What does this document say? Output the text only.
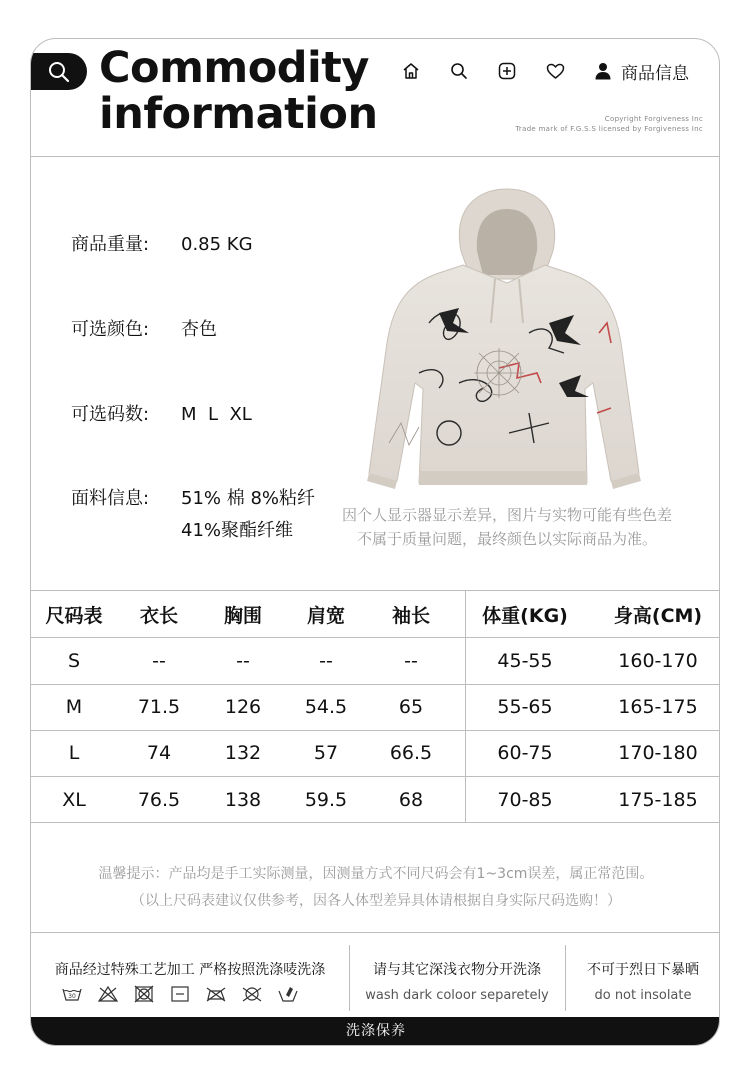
Commodity
information
商品信息
Copyright Forgiveness Inc
Trade mark of F.G.S.S licensed by Forgiveness Inc
商品重量:	0.85 KG
可选颜色:	杏色
可选码数:	M  L  XL
面料信息:	51% 棉 8%粘纤
41%聚酯纤维
因个人显示器显示差异，图片与实物可能有些色差
不属于质量问题，最终颜色以实际商品为准。
尺码表	衣长	胸围	肩宽	袖长	体重(KG)	身高(CM)
S	--	--	--	--	45-55	160-170
M	71.5	126	54.5	65	55-65	165-175
L	74	132	57	66.5	60-75	170-180
XL	76.5	138	59.5	68	70-85	175-185
温馨提示：产品均是手工实际测量，因测量方式不同尺码会有1~3cm误差，属正常范围。
（以上尺码表建议仅供参考，因各人体型差异具体请根据自身实际尺码选购！）
商品经过特殊工艺加工 严格按照洗涤唛洗涤
30
请与其它深浅衣物分开洗涤
wash dark coloor separetely
不可于烈日下暴晒
do not insolate
洗涤保养
